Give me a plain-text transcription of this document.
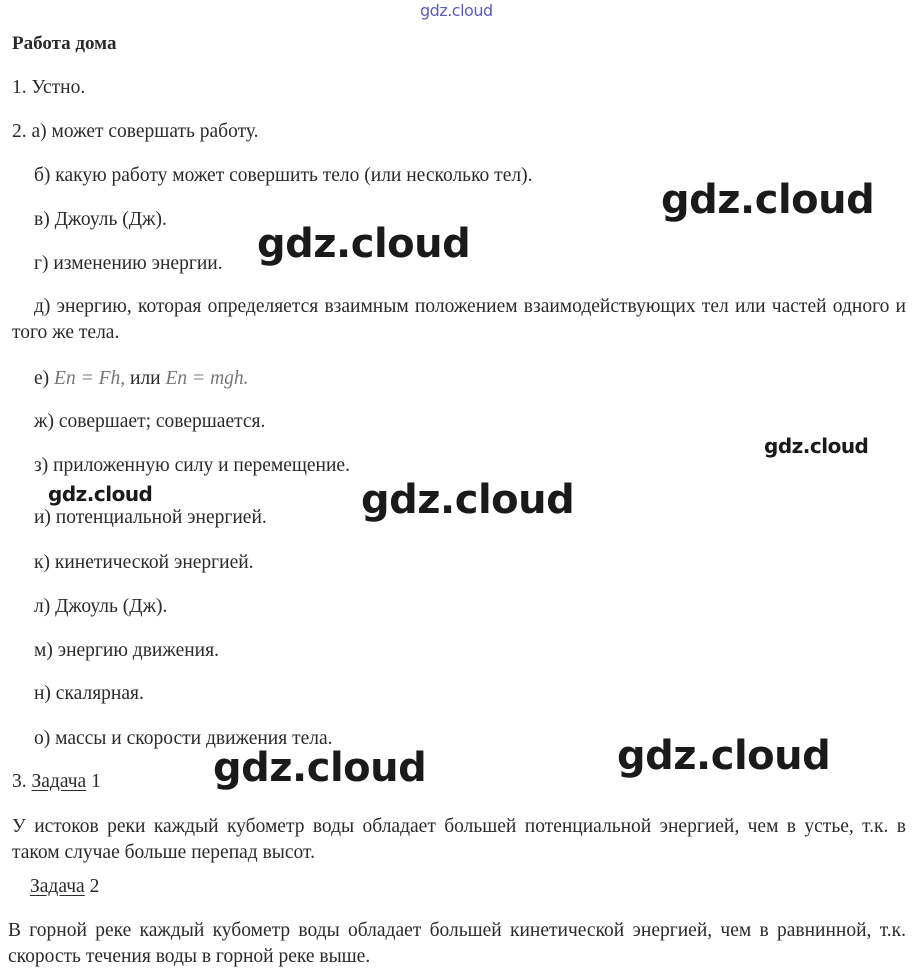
gdz.cloud
Работа дома
1. Устно.
2. а) может совершать работу.
б) какую работу может совершить тело (или несколько тел).
в) Джоуль (Дж).
г) изменению энергии.
д) энергию, которая определяется взаимным положением взаимодействующих тел или частей одного и того же тела.
е) Eп = Fh, или Eп = mgh.
ж) совершает; совершается.
з) приложенную силу и перемещение.
и) потенциальной энергией.
к) кинетической энергией.
л) Джоуль (Дж).
м) энергию движения.
н) скалярная.
о) массы и скорости движения тела.
3. Задача 1
У истоков реки каждый кубометр воды обладает большей потенциальной энергией, чем в устье, т.к. в таком случае больше перепад высот.
Задача 2
В горной реке каждый кубометр воды обладает большей кинетической энергией, чем в равнинной, т.к. скорость течения воды в горной реке выше.
gdz.cloud
gdz.cloud
gdz.cloud
gdz.cloud	gdz.cloud
gdz.cloud
gdz.cloud
